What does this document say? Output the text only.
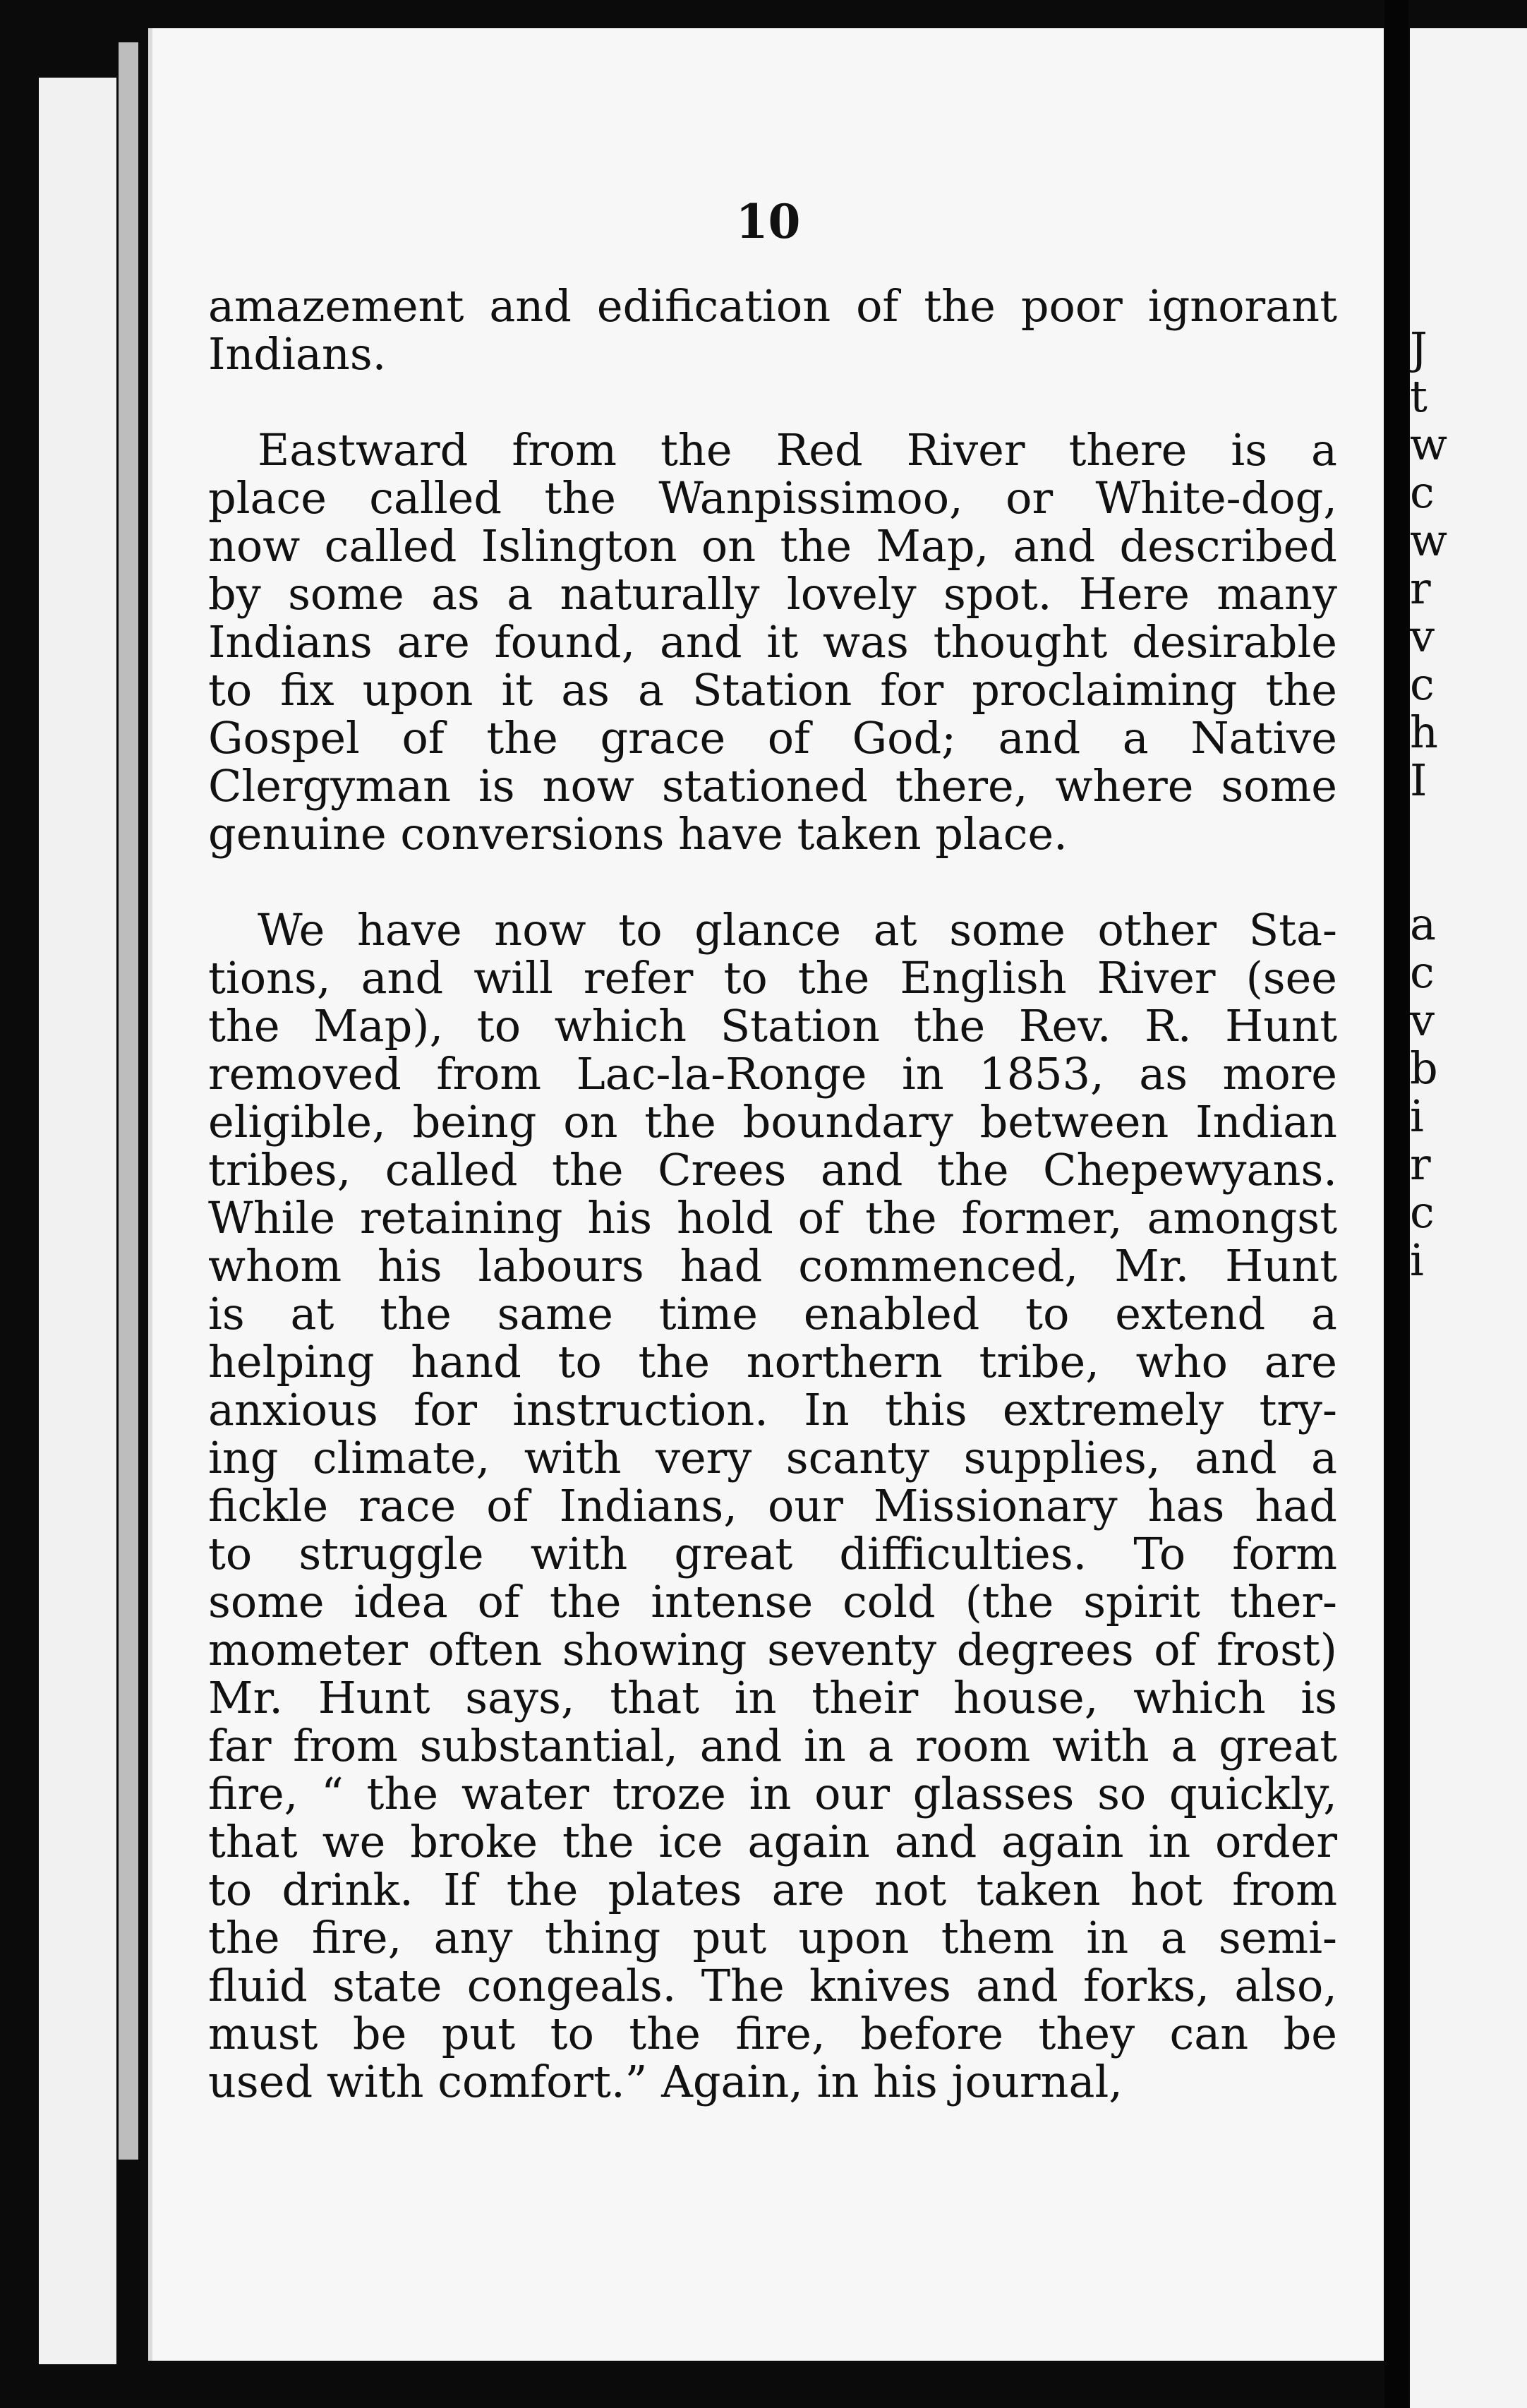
10
J
t
w
c
w
r
v
c
h
I
a
c
v
b
i
r
c
i
amazement and edification of the poor ignorant
Indians.
Eastward from the Red River there is a
place called the Wanpissimoo, or White-dog,
now called Islington on the Map, and described
by some as a naturally lovely spot. Here many
Indians are found, and it was thought desirable
to fix upon it as a Station for proclaiming the
Gospel of the grace of God; and a Native
Clergyman is now stationed there, where some
genuine conversions have taken place.
We have now to glance at some other Sta-
tions, and will refer to the English River (see
the Map), to which Station the Rev. R. Hunt
removed from Lac-la-Ronge in 1853, as more
eligible, being on the boundary between Indian
tribes, called the Crees and the Chepewyans.
While retaining his hold of the former, amongst
whom his labours had commenced, Mr. Hunt
is at the same time enabled to extend a
helping hand to the northern tribe, who are
anxious for instruction. In this extremely try-
ing climate, with very scanty supplies, and a
fickle race of Indians, our Missionary has had
to struggle with great difficulties. To form
some idea of the intense cold (the spirit ther-
mometer often showing seventy degrees of frost)
Mr. Hunt says, that in their house, which is
far from substantial, and in a room with a great
fire, “ the water troze in our glasses so quickly,
that we broke the ice again and again in order
to drink. If the plates are not taken hot from
the fire, any thing put upon them in a semi-
fluid state congeals. The knives and forks, also,
must be put to the fire, before they can be
used with comfort.” Again, in his journal,
